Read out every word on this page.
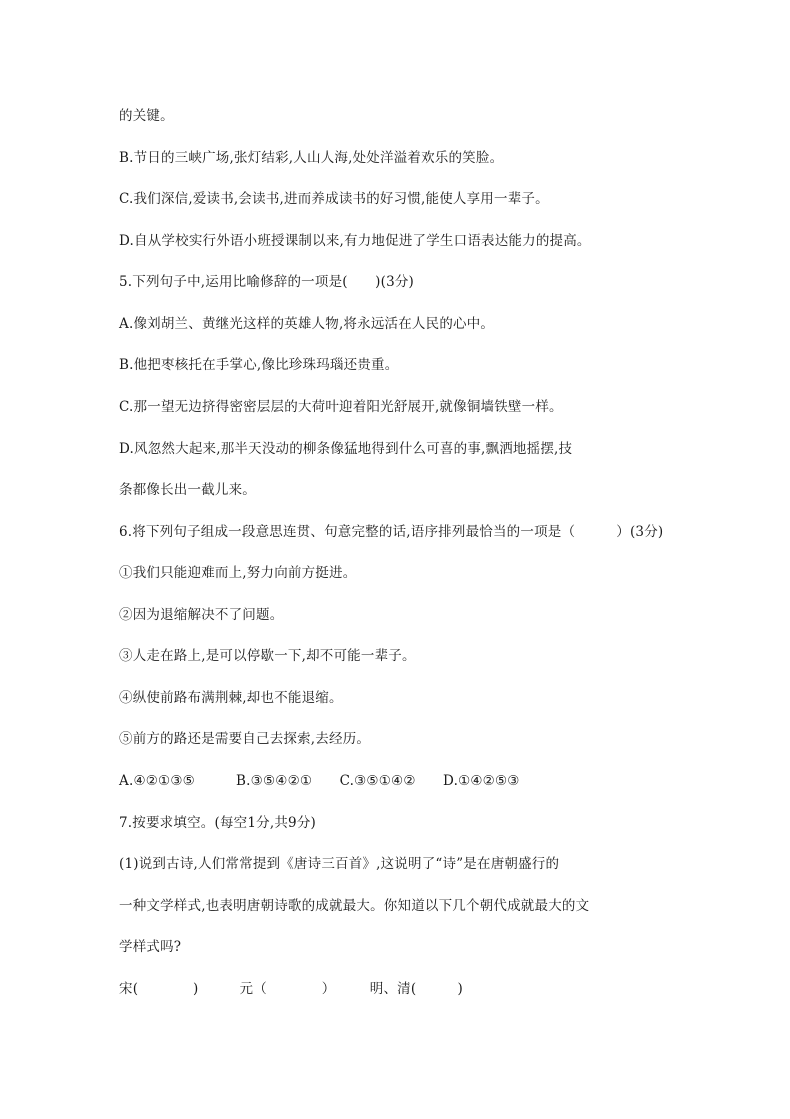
的关键。
B.节日的三峡广场,张灯结彩,人山人海,处处洋溢着欢乐的笑脸。
C.我们深信,爱读书,会读书,进而养成读书的好习惯,能使人享用一辈子。
D.自从学校实行外语小班授课制以来,有力地促进了学生口语表达能力的提高。
5.下列句子中,运用比喻修辞的一项是(　　)(3分)
A.像刘胡兰、黄继光这样的英雄人物,将永远活在人民的心中。
B.他把枣核托在手掌心,像比珍珠玛瑙还贵重。
C.那一望无边挤得密密层层的大荷叶迎着阳光舒展开,就像铜墙铁壁一样。
D.风忽然大起来,那半天没动的柳条像猛地得到什么可喜的事,飘洒地摇摆,技
条都像长出一截儿来。
6.将下列句子组成一段意思连贯、句意完整的话,语序排列最恰当的一项是（　　　）(3分)
①我们只能迎难而上,努力向前方挺进。
②因为退缩解决不了问题。
③人走在路上,是可以停歇一下,却不可能一辈子。
④纵使前路布满荆棘,却也不能退缩。
⑤前方的路还是需要自己去探索,去经历。
A.④②①③⑤　　　B.③⑤④②①　　C.③⑤①④②　　D.①④②⑤③
7.按要求填空。(每空1分,共9分)
(1)说到古诗,人们常常提到《唐诗三百首》,这说明了“诗”是在唐朝盛行的
一种文学样式,也表明唐朝诗歌的成就最大。你知道以下几个朝代成就最大的文
学样式吗?
宋(　　　　)　　　元（　　　　）　　　明、清(　　　)
